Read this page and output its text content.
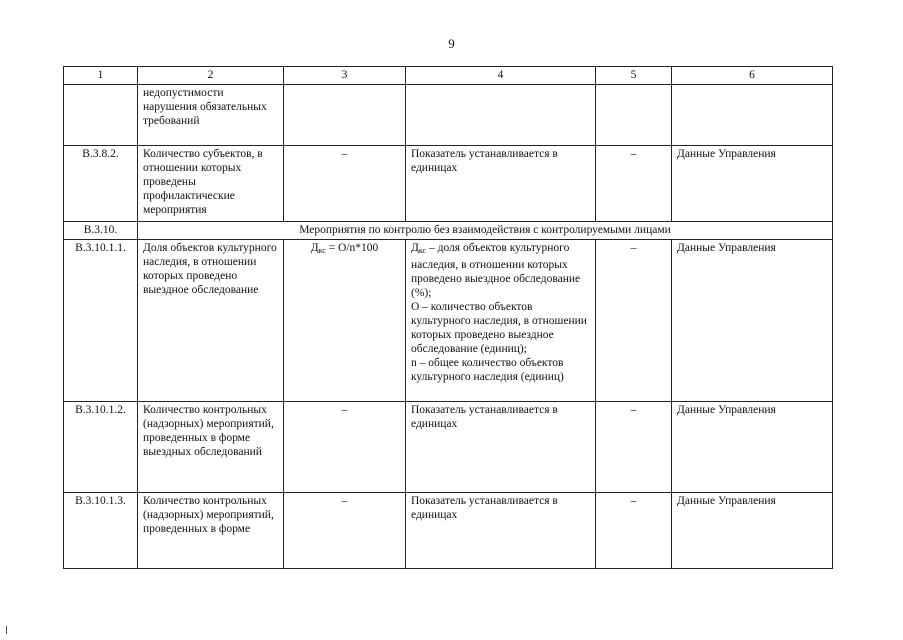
9
1	2	3	4	5	6
	недопустимости нарушения обязательных требований				
В.3.8.2.	Количество субъектов, в отношении которых проведены профилактические мероприятия	–	Показатель устанавливается в единицах	–	Данные Управления
В.3.10.	Мероприятия по контролю без взаимодействия с контролируемыми лицами				
В.3.10.1.1.	Доля объектов культурного наследия, в отношении которых проведено выездное обследование	$Д_{кс} = O/n*100$	$Д_{кс}$ – доля объектов культурного наследия, в отношении которых проведено выездное обследование (%);
O – количество объектов культурного наследия, в отношении которых проведено выездное обследование (единиц);
n – общее количество объектов культурного наследия (единиц)	–	Данные Управления
В.3.10.1.2.	Количество контрольных (надзорных) мероприятий, проведенных в форме выездных обследований	–	Показатель устанавливается в единицах	–	Данные Управления
В.3.10.1.3.	Количество контрольных (надзорных) мероприятий, проведенных в форме	–	Показатель устанавливается в единицах	–	Данные Управления
